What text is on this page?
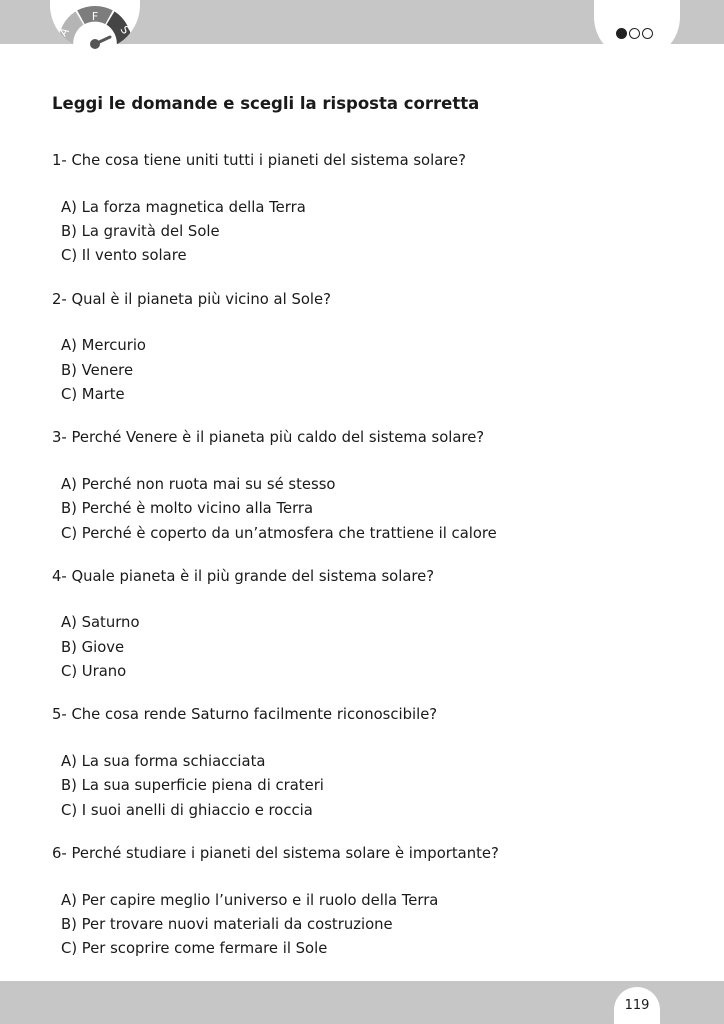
A
F
S
Leggi le domande e scegli la risposta corretta
1- Che cosa tiene uniti tutti i pianeti del sistema solare?
A) La forza magnetica della Terra
B) La gravità del Sole
C) Il vento solare
2- Qual è il pianeta più vicino al Sole?
A) Mercurio
B) Venere
C) Marte
3- Perché Venere è il pianeta più caldo del sistema solare?
A) Perché non ruota mai su sé stesso
B) Perché è molto vicino alla Terra
C) Perché è coperto da un’atmosfera che trattiene il calore
4- Quale pianeta è il più grande del sistema solare?
A) Saturno
B) Giove
C) Urano
5- Che cosa rende Saturno facilmente riconoscibile?
A) La sua forma schiacciata
B) La sua superficie piena di crateri
C) I suoi anelli di ghiaccio e roccia
6- Perché studiare i pianeti del sistema solare è importante?
A) Per capire meglio l’universo e il ruolo della Terra
B) Per trovare nuovi materiali da costruzione
C) Per scoprire come fermare il Sole
119
